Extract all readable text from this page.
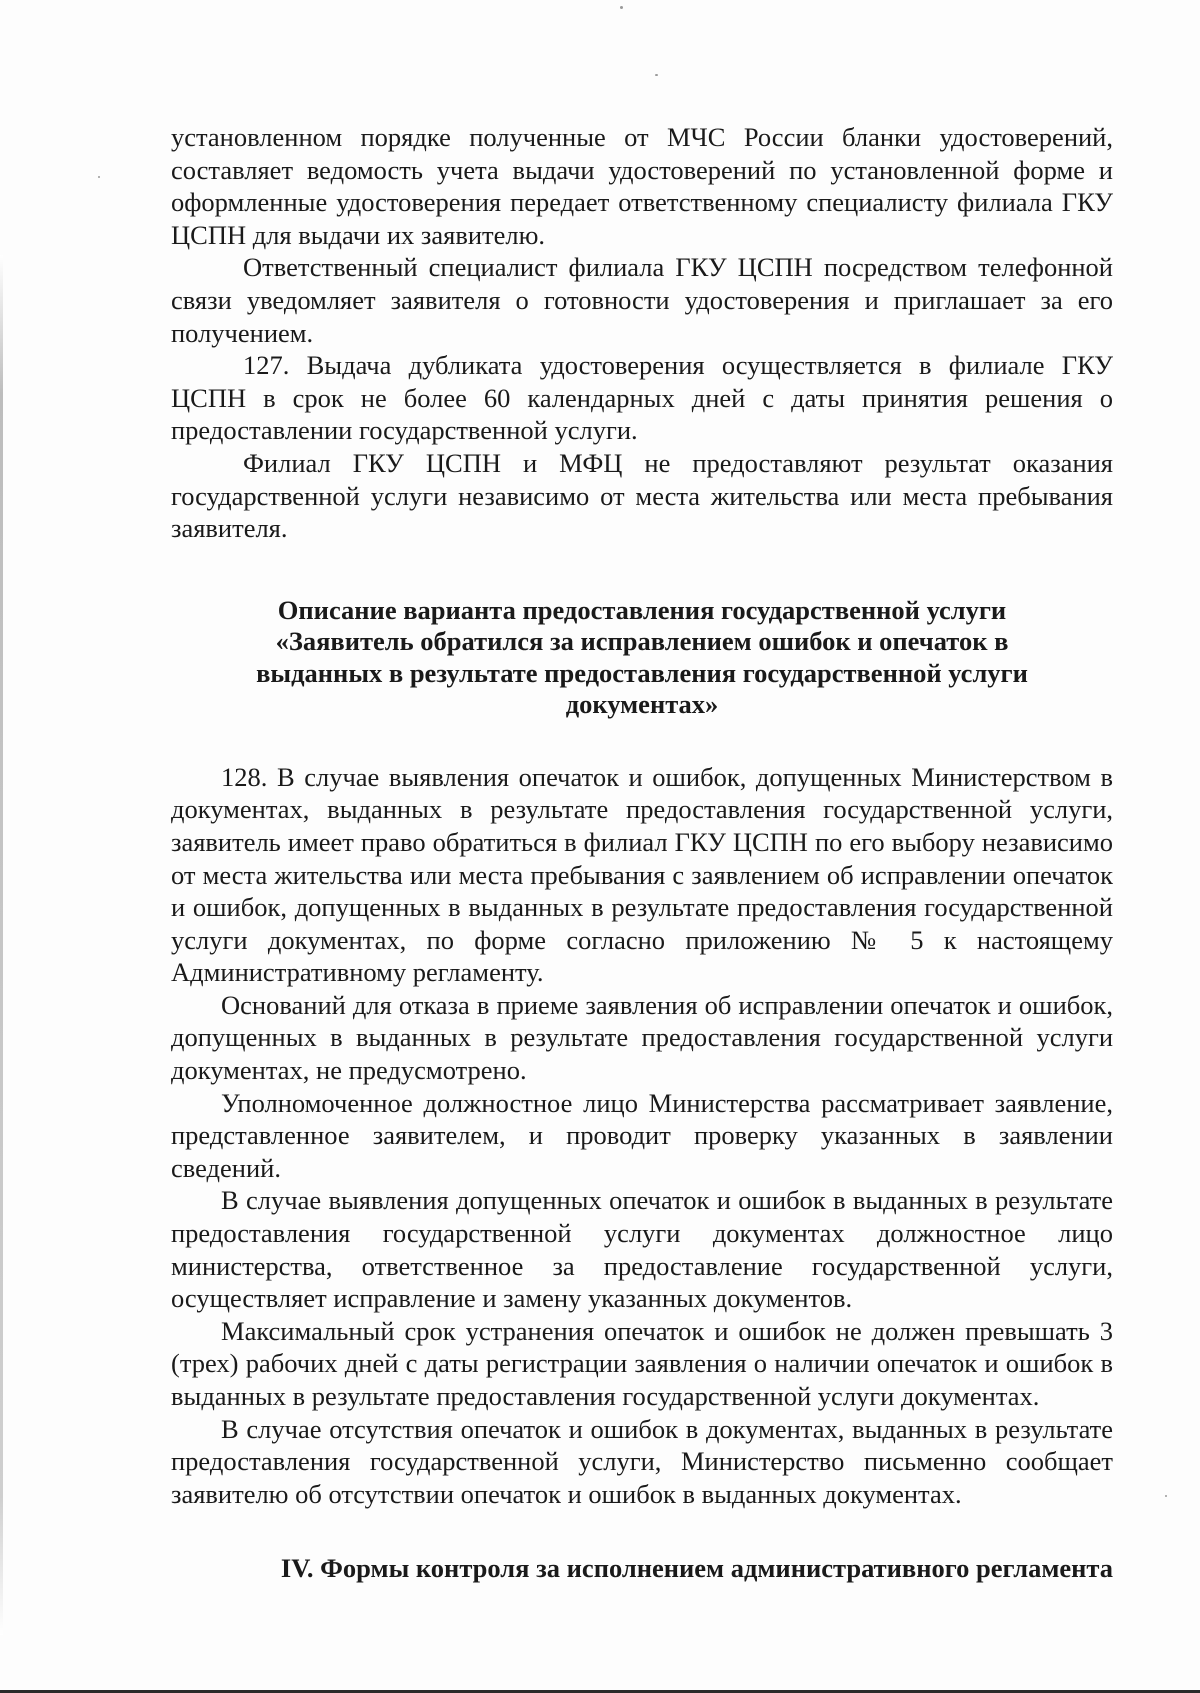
установленном порядке полученные от МЧС России бланки удостоверений, составляет ведомость учета выдачи удостоверений по установленной форме и оформленные удостоверения передает ответственному специалисту филиала ГКУ ЦСПН для выдачи их заявителю.

Ответственный специалист филиала ГКУ ЦСПН посредством телефонной связи уведомляет заявителя о готовности удостоверения и приглашает за его получением.

127. Выдача дубликата удостоверения осуществляется в филиале ГКУ ЦСПН в срок не более 60 календарных дней с даты принятия решения о предоставлении государственной услуги.

Филиал ГКУ ЦСПН и МФЦ не предоставляют результат оказания государственной услуги независимо от места жительства или места пребывания заявителя.

Описание варианта предоставления государственной услуги
«Заявитель обратился за исправлением ошибок и опечаток в
выданных в результате предоставления государственной услуги
документах»

128. В случае выявления опечаток и ошибок, допущенных Министерством в документах, выданных в результате предоставления государственной услуги, заявитель имеет право обратиться в филиал ГКУ ЦСПН по его выбору независимо от места жительства или места пребывания с заявлением об исправлении опечаток и ошибок, допущенных в выданных в результате предоставления государственной услуги документах, по форме согласно приложению № 5 к настоящему Административному регламенту.

Оснований для отказа в приеме заявления об исправлении опечаток и ошибок, допущенных в выданных в результате предоставления государственной услуги документах, не предусмотрено.

Уполномоченное должностное лицо Министерства рассматривает заявление, представленное заявителем, и проводит проверку указанных в заявлении сведений.

В случае выявления допущенных опечаток и ошибок в выданных в результате предоставления государственной услуги документах должностное лицо министерства, ответственное за предоставление государственной услуги, осуществляет исправление и замену указанных документов.

Максимальный срок устранения опечаток и ошибок не должен превышать 3 (трех) рабочих дней с даты регистрации заявления о наличии опечаток и ошибок в выданных в результате предоставления государственной услуги документах.

В случае отсутствия опечаток и ошибок в документах, выданных в результате предоставления государственной услуги, Министерство письменно сообщает заявителю об отсутствии опечаток и ошибок в выданных документах.

IV. Формы контроля за исполнением административного регламента
